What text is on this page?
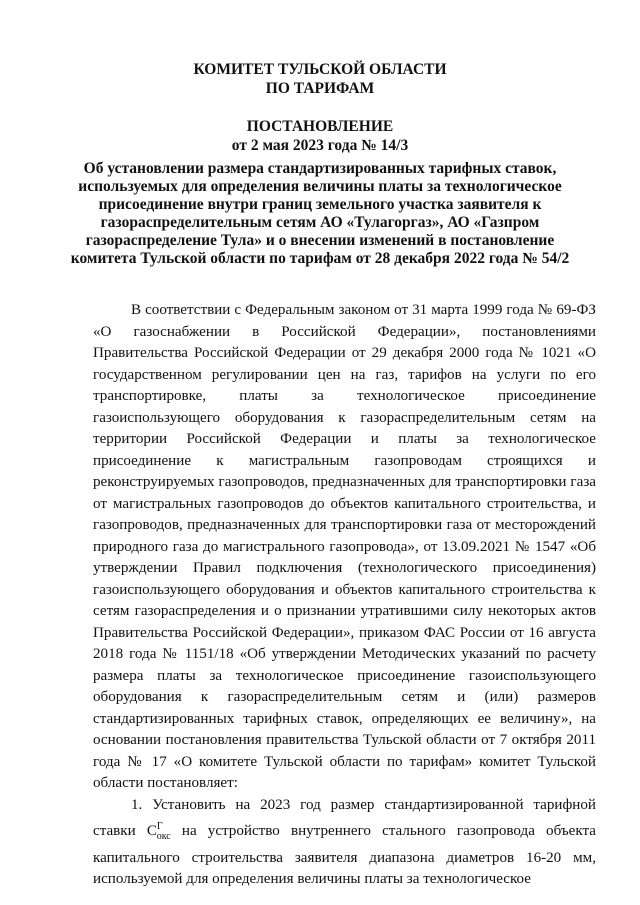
КОМИТЕТ ТУЛЬСКОЙ ОБЛАСТИ
ПО ТАРИФАМ
ПОСТАНОВЛЕНИЕ
от 2 мая 2023 года № 14/3
Об установлении размера стандартизированных тарифных ставок,
используемых для определения величины платы за технологическое
присоединение внутри границ земельного участка заявителя к
газораспределительным сетям АО «Тулагоргаз», АО «Газпром
газораспределение Тула» и о внесении изменений в постановление
комитета Тульской области по тарифам от 28 декабря 2022 года № 54/2

В соответствии с Федеральным законом от 31 марта 1999 года № 69-ФЗ «О газоснабжении в Российской Федерации», постановлениями Правительства Российской Федерации от 29 декабря 2000 года № 1021 «О государственном регулировании цен на газ, тарифов на услуги по его транспортировке, платы за технологическое присоединение газоиспользующего оборудования к газораспределительным сетям на территории Российской Федерации и платы за технологическое присоединение к магистральным газопроводам строящихся и реконструируемых газопроводов, предназначенных для транспортировки газа от магистральных газопроводов до объектов капитального строительства, и газопроводов, предназначенных для транспортировки газа от месторождений природного газа до магистрального газопровода», от 13.09.2021 № 1547 «Об утверждении Правил подключения (технологического присоединения) газоиспользующего оборудования и объектов капитального строительства к сетям газораспределения и о признании утратившими силу некоторых актов Правительства Российской Федерации», приказом ФАС России от 16 августа 2018 года № 1151/18 «Об утверждении Методических указаний по расчету размера платы за технологическое присоединение газоиспользующего оборудования к газораспределительным сетям и (или) размеров стандартизированных тарифных ставок, определяющих ее величину», на основании постановления правительства Тульской области от 7 октября 2011 года № 17 «О комитете Тульской области по тарифам» комитет Тульской области постановляет:

1. Установить на 2023 год размер стандартизированной тарифной ставки $С^Г_{окс}$ на устройство внутреннего стального газопровода объекта капитального строительства заявителя диапазона диаметров 16-20 мм, используемой для определения величины платы за технологическое
